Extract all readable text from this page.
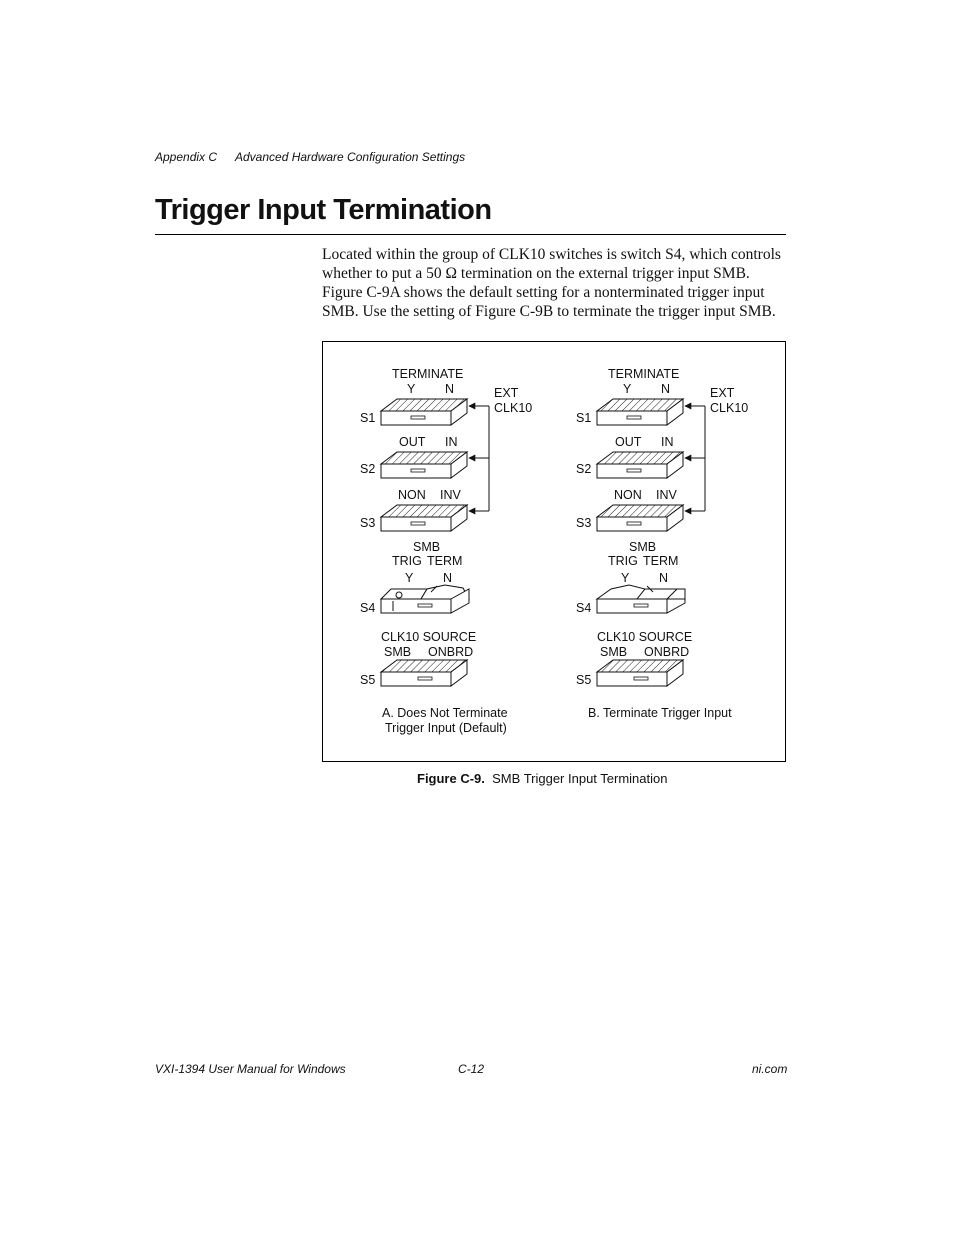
Appendix C Advanced Hardware Configuration Settings
Trigger Input Termination

Located within the group of CLK10 switches is switch S4, which controls whether to put a 50 Ω termination on the external trigger input SMB. Figure C-9A shows the default setting for a nonterminated trigger input SMB. Use the setting of Figure C-9B to terminate the trigger input SMB.

TERMINATE
Y N	EXT
CLK10
S1
OUT IN
S2
NON INV
S3
SMB
TRIG TERM
Y N
S4
CLK10 SOURCE
SMB ONBRD
S5
A. Does Not Terminate
Trigger Input (Default)
TERMINATE
Y N	EXT
CLK10
S1
OUT IN
S2
NON INV
S3
SMB
TRIG TERM
Y N
S4
CLK10 SOURCE
SMB ONBRD
S5
B. Terminate Trigger Input
Figure C-9. SMB Trigger Input Termination
VXI-1394 User Manual for Windows	C-12	ni.com
